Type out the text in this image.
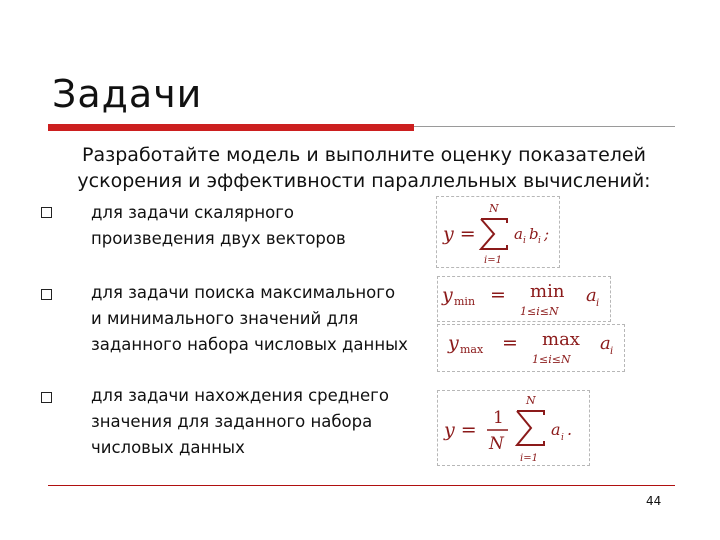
Задачи
Разработайте модель и выполните оценку показателей ускорения и эффективности параллельных вычислений:
для задачи скалярного
произведения двух векторов	y =
N
i=1
a i b i ;
для задачи поиска максимального
и минимального значений для
заданного набора числовых данных
y min = min
1≤i≤N
a i
y max = max
1≤i≤N
a i
для задачи нахождения среднего
значения для заданного набора
числовых данных
y =
1
N
N
i=1
a i .
44
